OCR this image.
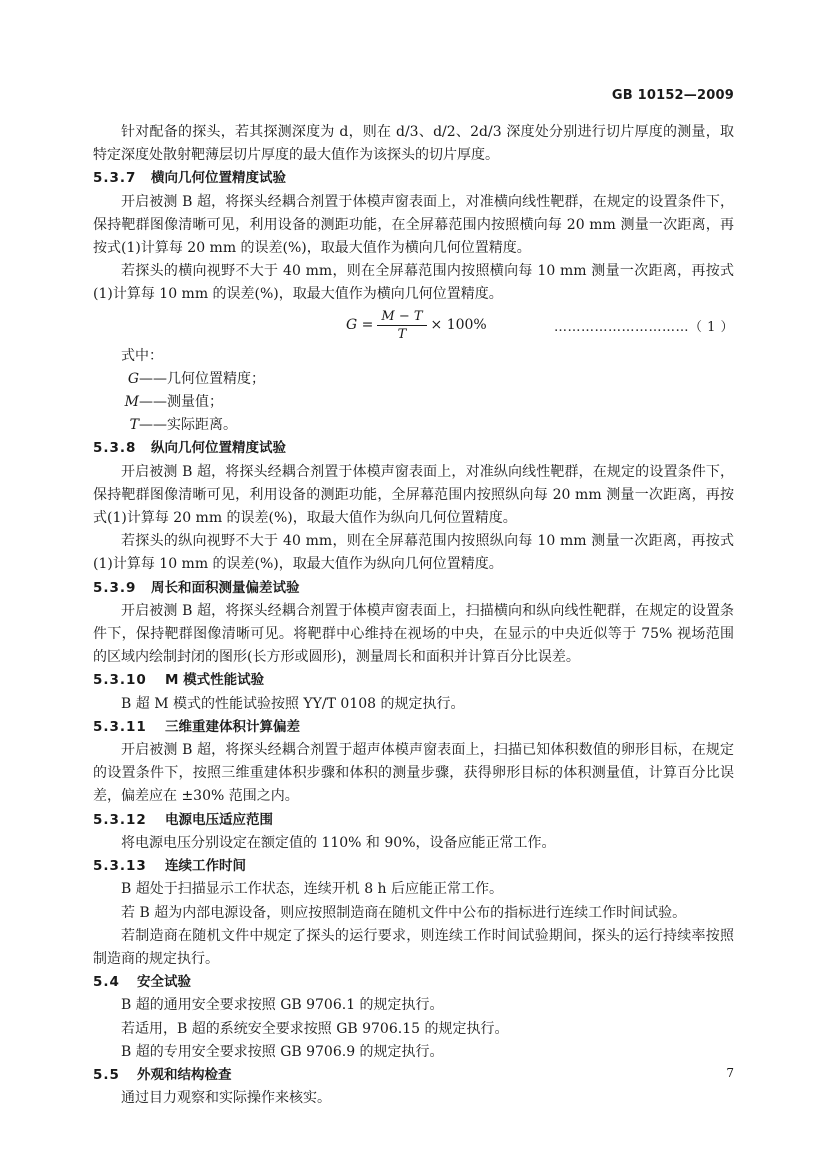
GB 10152—2009

针对配备的探头，若其探测深度为 d，则在 d/3、d/2、2d/3 深度处分别进行切片厚度的测量，取特定深度处散射靶薄层切片厚度的最大值作为该探头的切片厚度。

5.3.7 横向几何位置精度试验

开启被测 B 超，将探头经耦合剂置于体模声窗表面上，对准横向线性靶群，在规定的设置条件下，保持靶群图像清晰可见，利用设备的测距功能，在全屏幕范围内按照横向每 20 mm 测量一次距离，再按式(1)计算每 20 mm 的误差(%)，取最大值作为横向几何位置精度。

若探头的横向视野不大于 40 mm，则在全屏幕范围内按照横向每 10 mm 测量一次距离，再按式(1)计算每 10 mm 的误差(%)，取最大值作为横向几何位置精度。

$G = \frac{M - T}{T} \times 100\%$	…………………………（ 1 ）

式中：

G——几何位置精度；

M——测量值；

T——实际距离。

5.3.8 纵向几何位置精度试验

开启被测 B 超，将探头经耦合剂置于体模声窗表面上，对准纵向线性靶群，在规定的设置条件下，保持靶群图像清晰可见，利用设备的测距功能，全屏幕范围内按照纵向每 20 mm 测量一次距离，再按式(1)计算每 20 mm 的误差(%)，取最大值作为纵向几何位置精度。

若探头的纵向视野不大于 40 mm，则在全屏幕范围内按照纵向每 10 mm 测量一次距离，再按式(1)计算每 10 mm 的误差(%)，取最大值作为纵向几何位置精度。

5.3.9 周长和面积测量偏差试验

开启被测 B 超，将探头经耦合剂置于体模声窗表面上，扫描横向和纵向线性靶群，在规定的设置条件下，保持靶群图像清晰可见。将靶群中心维持在视场的中央，在显示的中央近似等于 75% 视场范围的区域内绘制封闭的图形(长方形或圆形)，测量周长和面积并计算百分比误差。

5.3.10 M 模式性能试验

B 超 M 模式的性能试验按照 YY/T 0108 的规定执行。

5.3.11 三维重建体积计算偏差

开启被测 B 超，将探头经耦合剂置于超声体模声窗表面上，扫描已知体积数值的卵形目标，在规定的设置条件下，按照三维重建体积步骤和体积的测量步骤，获得卵形目标的体积测量值，计算百分比误差，偏差应在 ±30% 范围之内。

5.3.12 电源电压适应范围

将电源电压分别设定在额定值的 110% 和 90%，设备应能正常工作。

5.3.13 连续工作时间

B 超处于扫描显示工作状态，连续开机 8 h 后应能正常工作。

若 B 超为内部电源设备，则应按照制造商在随机文件中公布的指标进行连续工作时间试验。

若制造商在随机文件中规定了探头的运行要求，则连续工作时间试验期间，探头的运行持续率按照制造商的规定执行。

5.4 安全试验

B 超的通用安全要求按照 GB 9706.1 的规定执行。

若适用，B 超的系统安全要求按照 GB 9706.15 的规定执行。

B 超的专用安全要求按照 GB 9706.9 的规定执行。

5.5 外观和结构检查

通过目力观察和实际操作来核实。

7
